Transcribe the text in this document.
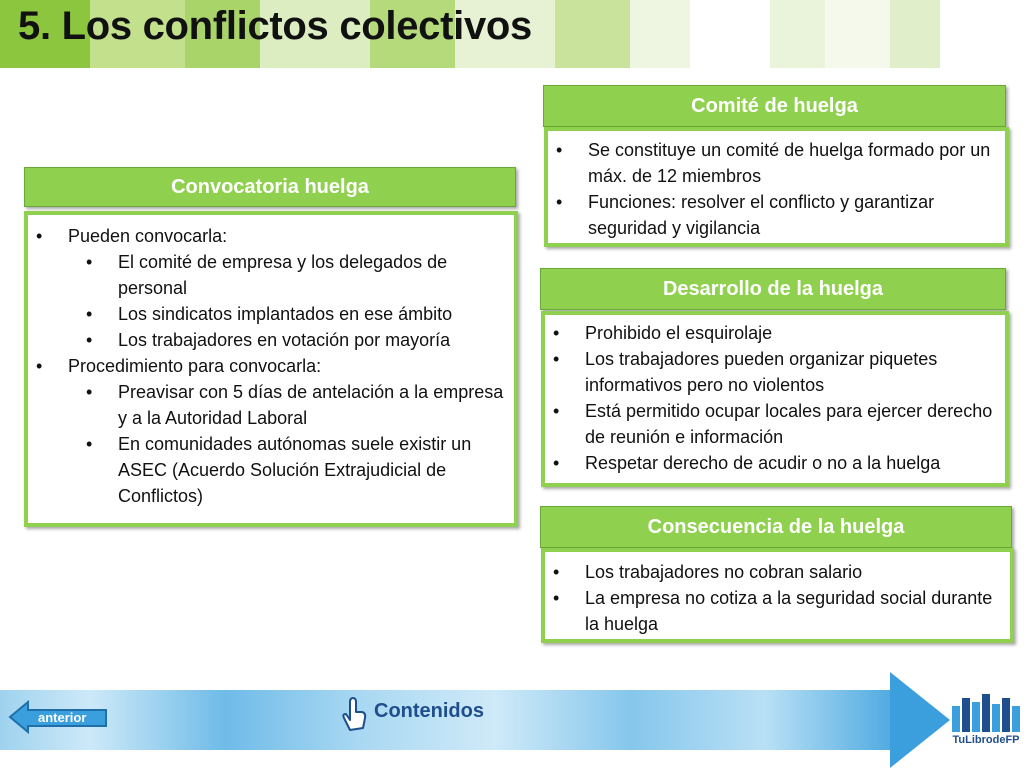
5. Los conflictos colectivos
Convocatoria huelga
• Pueden convocarla:
• El comité de empresa y los delegados de personal
• Los sindicatos implantados en ese ámbito
• Los trabajadores en votación por mayoría
• Procedimiento para convocarla:
• Preavisar con 5 días de antelación a la empresa y a la Autoridad Laboral
• En comunidades autónomas suele existir un ASEC (Acuerdo Solución Extrajudicial de Conflictos)
Comité de huelga
• Se constituye un comité de huelga formado por un máx. de 12 miembros
• Funciones: resolver el conflicto y garantizar seguridad y vigilancia
Desarrollo de la huelga
• Prohibido el esquirolaje
• Los trabajadores pueden organizar piquetes informativos pero no violentos
• Está permitido ocupar locales para ejercer derecho de reunión e información
• Respetar derecho de acudir o no a la huelga
Consecuencia de la huelga
• Los trabajadores no cobran salario
• La empresa no cotiza a la seguridad social durante la huelga
anterior	Contenidos
TuLibrodeFP
